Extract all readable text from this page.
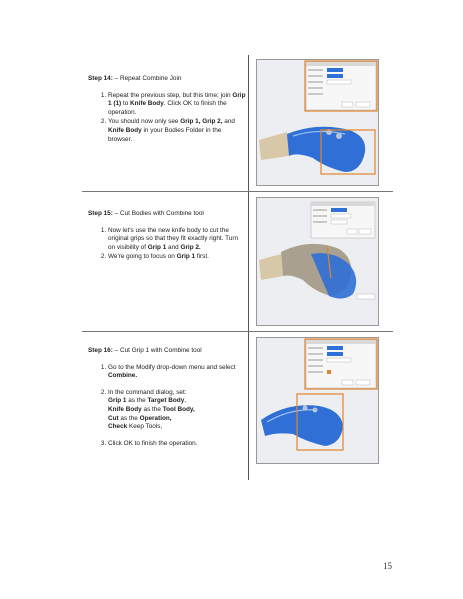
Step 14: – Repeat Combine Join
1. Repeat the previous step, but this time; join Grip 1 (1) to Knife Body. Click OK to finish the operation.
2. You should now only see Grip 1, Grip 2, and Knife Body in your Bodies Folder in the browser.
Step 15: – Cut Bodies with Combine tool
1. Now let's use the new knife body to cut the original grips so that they fit exactly right. Turn on visibility of Grip 1 and Grip 2.
2. We're going to focus on Grip 1 first.
Step 16: – Cut Grip 1 with Combine tool
1. Go to the Modify drop-down menu and select Combine.
2. In the command dialog, set:
Grip 1 as the Target Body,
Knife Body as the Tool Body,
Cut as the Operation,
Check Keep Tools,
3. Click OK to finish the operation.
15
